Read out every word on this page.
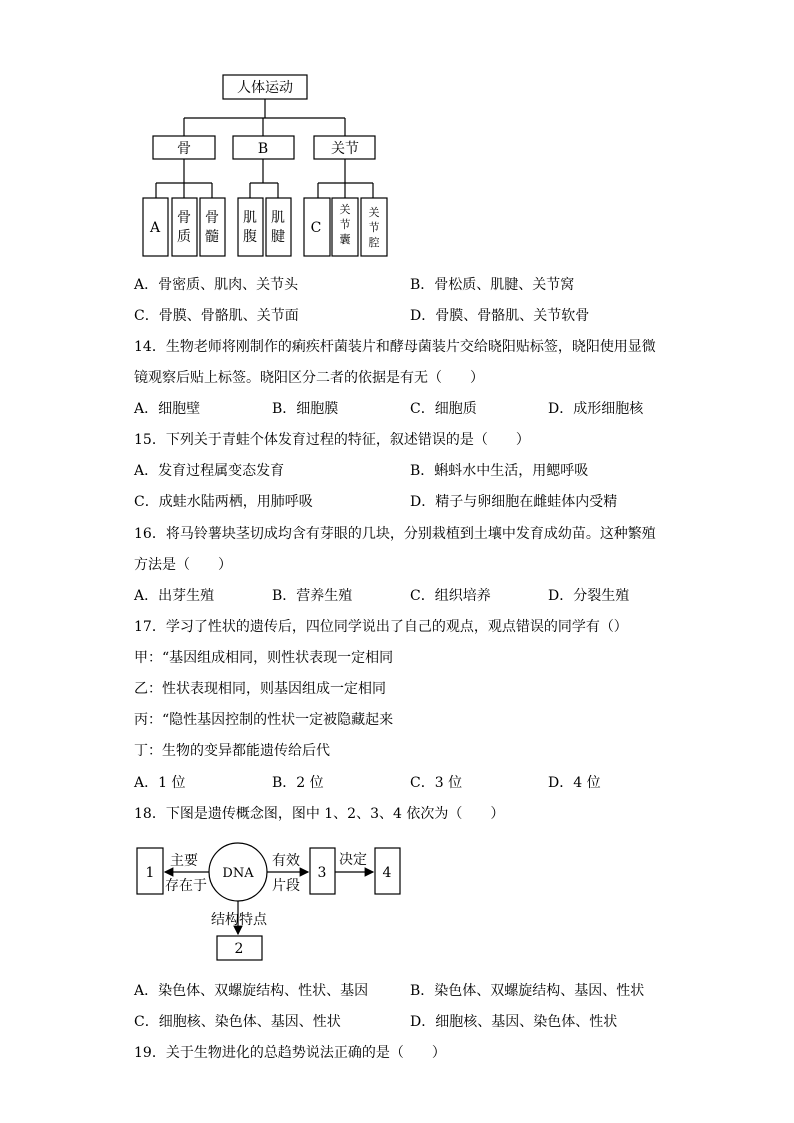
人体运动
骨	B	关节
A	C
骨质
骨髓
肌腹
肌腱
关节囊
关节腔
A．骨密质、肌肉、关节头	B．骨松质、肌腱、关节窝
C．骨膜、骨骼肌、关节面	D．骨膜、骨骼肌、关节软骨
14．生物老师将刚制作的痢疾杆菌装片和酵母菌装片交给晓阳贴标签，晓阳使用显微
镜观察后贴上标签。晓阳区分二者的依据是有无（　　）
A．细胞壁	B．细胞膜	C．细胞质	D．成形细胞核
15．下列关于青蛙个体发育过程的特征，叙述错误的是（　　）
A．发育过程属变态发育	B．蝌蚪水中生活，用鳃呼吸
C．成蛙水陆两栖，用肺呼吸	D．精子与卵细胞在雌蛙体内受精
16．将马铃薯块茎切成均含有芽眼的几块，分别栽植到土壤中发育成幼苗。这种繁殖
方法是（　　）
A．出芽生殖	B．营养生殖	C．组织培养	D．分裂生殖
17．学习了性状的遗传后，四位同学说出了自己的观点，观点错误的同学有（）
甲：“基因组成相同，则性状表现一定相同
乙：性状表现相同，则基因组成一定相同
丙：“隐性基因控制的性状一定被隐藏起来
丁：生物的变异都能遗传给后代
A．1 位	B．2 位	C．3 位	D．4 位
18．下图是遗传概念图，图中 1、2、3、4 依次为（　　）
1	DNA	3	4
2
主要
存在于
有效
片段
决定
结构特点
A．染色体、双螺旋结构、性状、基因	B．染色体、双螺旋结构、基因、性状
C．细胞核、染色体、基因、性状	D．细胞核、基因、染色体、性状
19．关于生物进化的总趋势说法正确的是（　　）
